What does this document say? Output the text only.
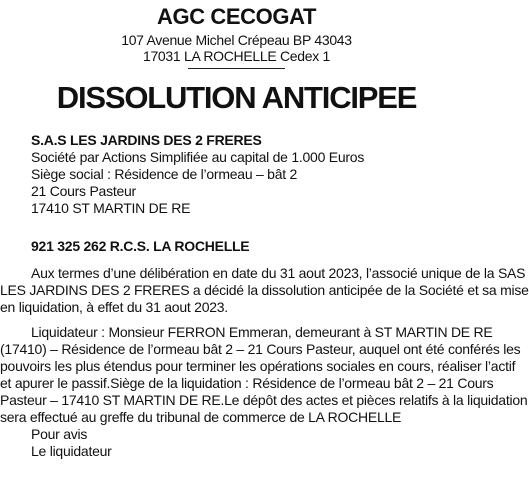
AGC CECOGAT
107 Avenue Michel Crépeau BP 43043
17031 LA ROCHELLE Cedex 1
DISSOLUTION ANTICIPEE
S.A.S LES JARDINS DES 2 FRERES
Société par Actions Simplifiée au capital de 1.000 Euros
Siège social : Résidence de l’ormeau – bât 2
21 Cours Pasteur
17410 ST MARTIN DE RE
921 325 262 R.C.S. LA ROCHELLE
Aux termes d’une délibération en date du 31 aout 2023, l’associé unique de la SAS
LES JARDINS DES 2 FRERES a décidé la dissolution anticipée de la Société et sa mise
en liquidation, à effet du 31 aout 2023.
Liquidateur : Monsieur FERRON Emmeran, demeurant à ST MARTIN DE RE
(17410) – Résidence de l’ormeau bât 2 – 21 Cours Pasteur, auquel ont été conférés les
pouvoirs les plus étendus pour terminer les opérations sociales en cours, réaliser l’actif
et apurer le passif.Siège de la liquidation : Résidence de l’ormeau bât 2 – 21 Cours
Pasteur – 17410 ST MARTIN DE RE.Le dépôt des actes et pièces relatifs à la liquidation
sera effectué au greffe du tribunal de commerce de LA ROCHELLE
Pour avis
Le liquidateur
